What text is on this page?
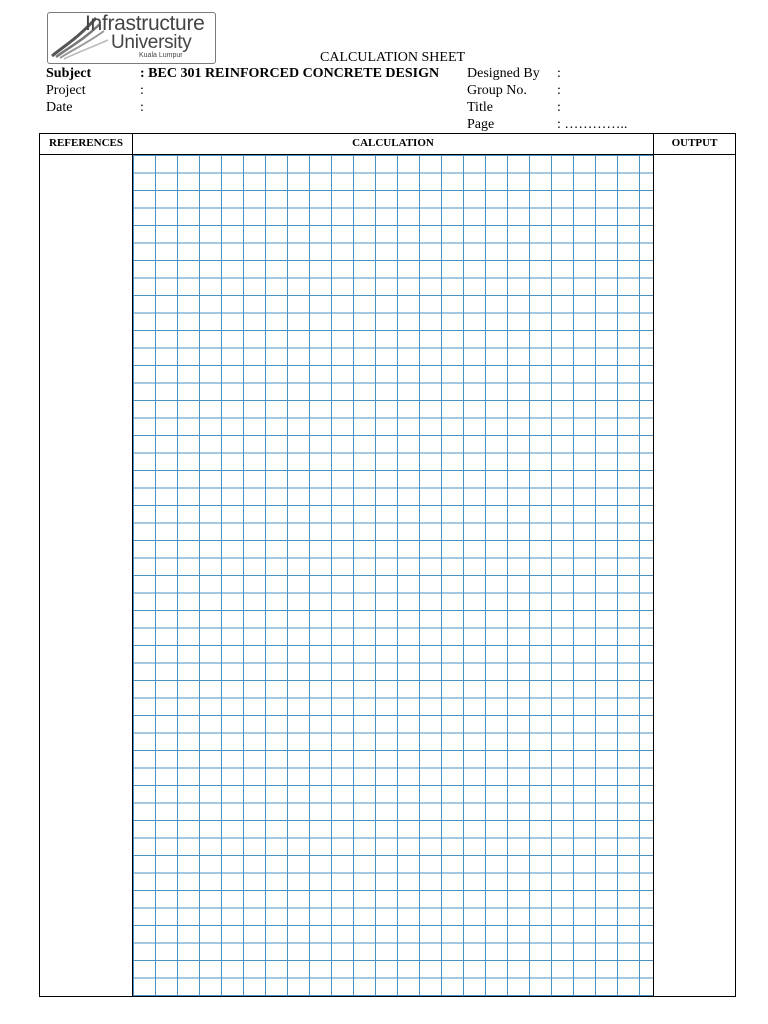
Infrastructure
University
Kuala Lumpur	CALCULATION SHEET
Subject	: BEC 301 REINFORCED CONCRETE DESIGN
Project	:
Date	:
Designed By :
Group No. :
Title	:
Page	: …………..
REFERENCES	CALCULATION	OUTPUT
